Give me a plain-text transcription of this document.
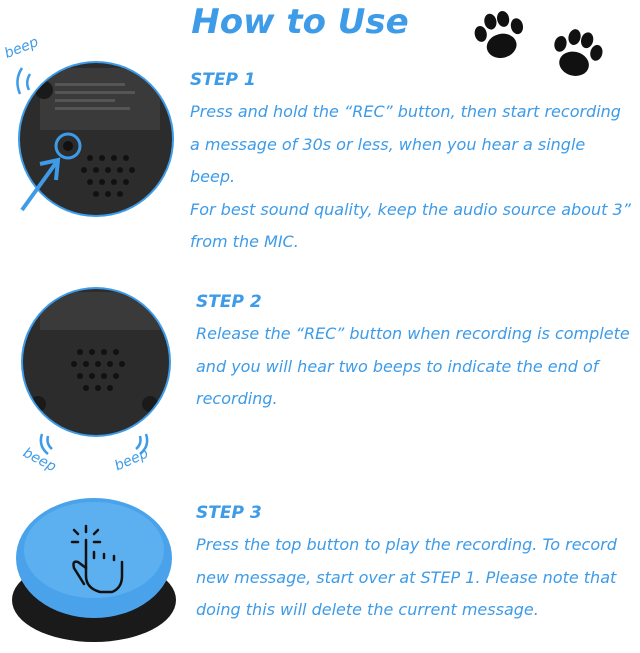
How to Use
beep
beep	beep
STEP 1
Press and hold the “REC” button, then start recording
a message of 30s or less, when you hear a single beep.
For best sound quality, keep the audio source about 3”
from the MIC.
STEP 2
Release the “REC” button when recording is complete
and you will hear two beeps to indicate the end of
recording.
STEP 3
Press the top button to play the recording. To record
new message, start over at STEP 1. Please note that
doing this will delete the current message.
